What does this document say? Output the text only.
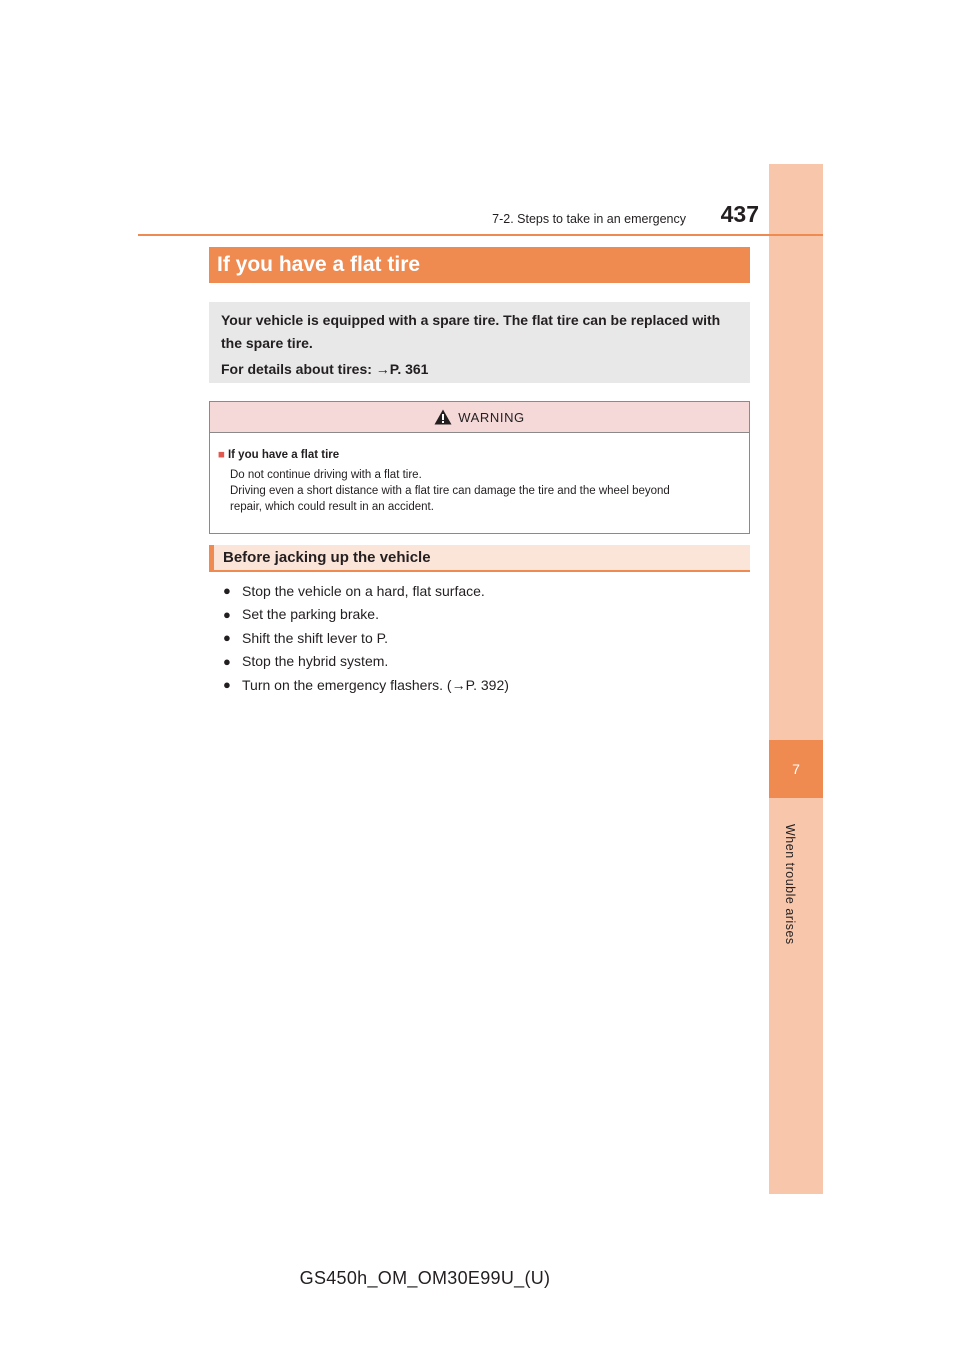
7
When trouble arises
7-2. Steps to take in an emergency 437
If you have a flat tire

Your vehicle is equipped with a spare tire. The flat tire can be replaced with

the spare tire.

For details about tires: →P. 361

WARNING
■ If you have a flat tire

Do not continue driving with a flat tire.

Driving even a short distance with a flat tire can damage the tire and the wheel beyond

repair, which could result in an accident.

Before jacking up the vehicle
● Stop the vehicle on a hard, flat surface.
● Set the parking brake.
● Shift the shift lever to P.
● Stop the hybrid system.
● Turn on the emergency flashers. (→P. 392)
GS450h_OM_OM30E99U_(U)
